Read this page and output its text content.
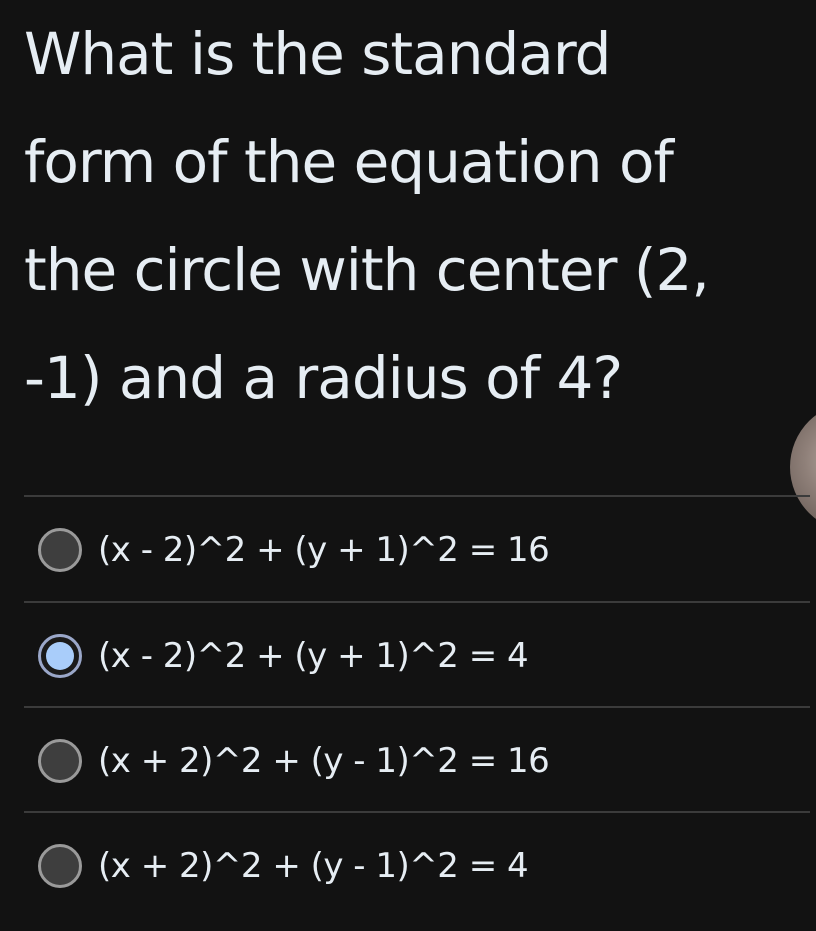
What is the standard
form of the equation of
the circle with center (2,
-1) and a radius of 4?
(x - 2)^2 + (y + 1)^2 = 16
(x - 2)^2 + (y + 1)^2 = 4
(x + 2)^2 + (y - 1)^2 = 16
(x + 2)^2 + (y - 1)^2 = 4
